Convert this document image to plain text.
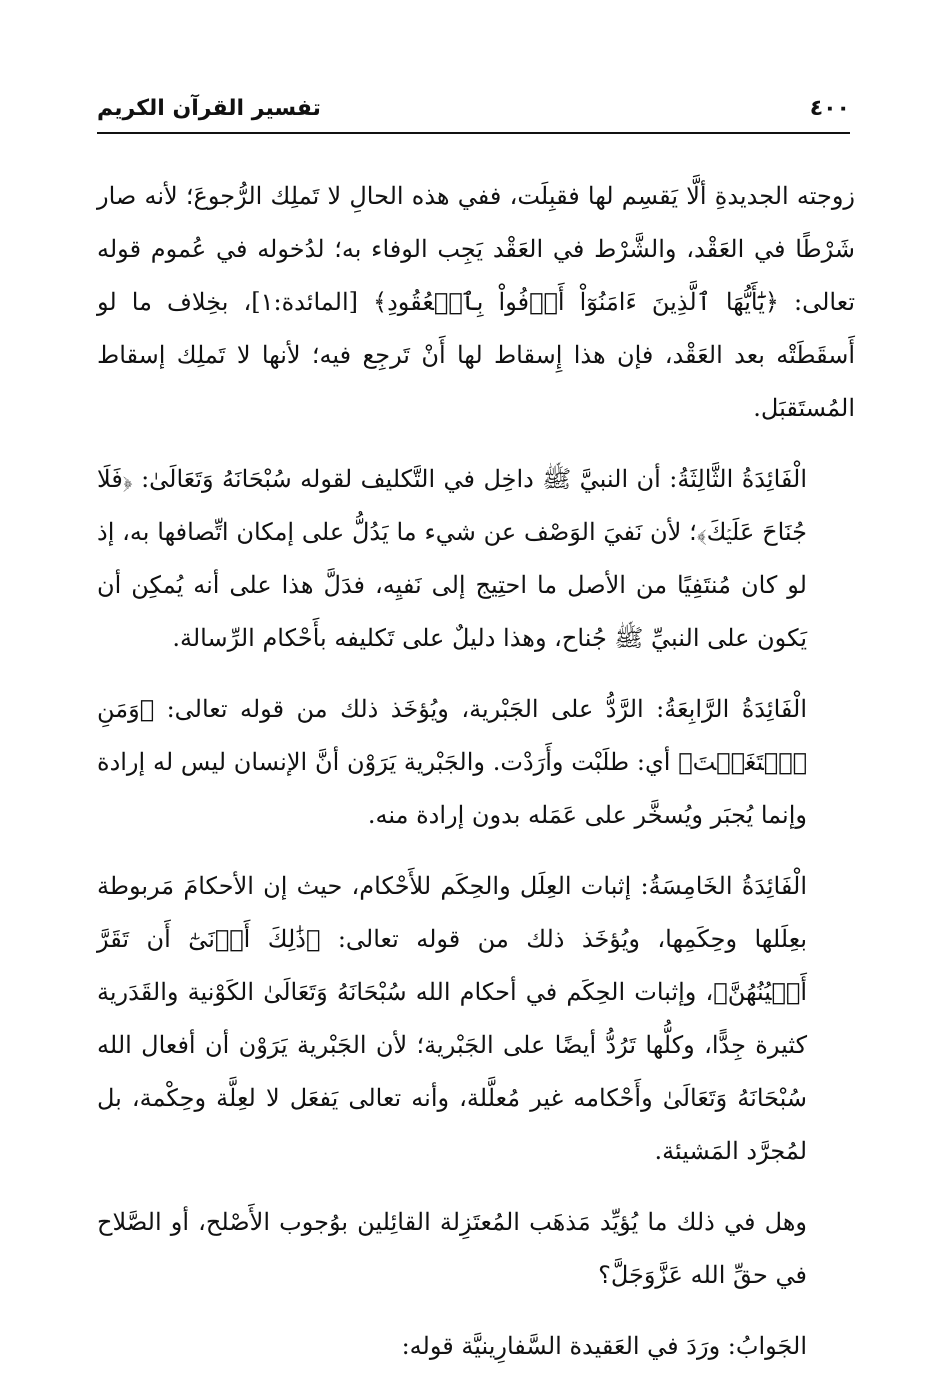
٤٠٠
تفسير القرآن الكريم

زوجته الجديدةِ ألَّا يَقسِم لها فقبِلَت، ففي هذه الحالِ لا تَملِك الرُّجوعَ؛ لأنه صار شَرْطًا في العَقْد، والشَّرْط في العَقْد يَجِب الوفاء به؛ لدُخوله في عُموم قوله تعالى: ﴿يَٰٓأَيُّهَا ٱلَّذِينَ ءَامَنُوٓاْ أَوۡفُواْ بِٱلۡعُقُودِ﴾ [المائدة:١]، بخِلاف ما لو أَسقَطَتْه بعد العَقْد، فإن هذا إِسقاط لها أَنْ تَرجِع فيه؛ لأنها لا تَملِك إسقاط المُستَقبَل.

الْفَائِدَةُ الثَّالِثَةُ: أن النبيَّ ﷺ داخِل في التَّكليف لقوله سُبْحَانَهُ وَتَعَالَىٰ: ﴿فَلَا جُنَاحَ عَلَيۡكَ﴾؛ لأن نَفيَ الوَصْف عن شيء ما يَدُلُّ على إمكان اتِّصافها به، إذ لو كان مُنتَفِيًا من الأصل ما احتِيج إلى نَفيِه، فدَلَّ هذا على أنه يُمكِن أن يَكون على النبيِّ ﷺ جُناح، وهذا دليلٌ على تَكليفه بأَحْكام الرِّسالة.

الْفَائِدَةُ الرَّابِعَةُ: الرَّدُّ على الجَبْرية، ويُؤخَذ ذلك من قوله تعالى: ﴿وَمَنِ ٱبۡتَغَيۡتَ﴾ أي: طلَبْت وأَرَدْت. والجَبْرية يَرَوْن أنَّ الإنسان ليس له إرادة وإنما يُجبَر ويُسخَّر على عَمَله بدون إرادة منه.

الْفَائِدَةُ الخَامِسَةُ: إثبات العِلَل والحِكَم للأَحْكام، حيث إن الأحكامَ مَربوطة بعِلَلها وحِكَمِها، ويُؤخَذ ذلك من قوله تعالى: ﴿ذَٰلِكَ أَدۡنَىٰٓ أَن تَقَرَّ أَعۡيُنُهُنَّ﴾، وإثبات الحِكَم في أحكام الله سُبْحَانَهُ وَتَعَالَىٰ الكَوْنية والقَدَرية كثيرة جِدًّا، وكلُّها تَرُدُّ أيضًا على الجَبْرية؛ لأن الجَبْرية يَرَوْن أن أفعال الله سُبْحَانَهُ وَتَعَالَىٰ وأَحْكامه غير مُعلَّلة، وأنه تعالى يَفعَل لا لعِلَّة وحِكْمة، بل لمُجرَّد المَشيئة.

وهل في ذلك ما يُؤيِّد مَذهَب المُعتَزِلة القائِلين بوُجوب الأَصْلح، أو الصَّلاح في حقِّ الله عَزَّوَجَلَّ؟

الجَوابُ: ورَدَ في العَقيدة السَّفارِينيَّة قوله:
